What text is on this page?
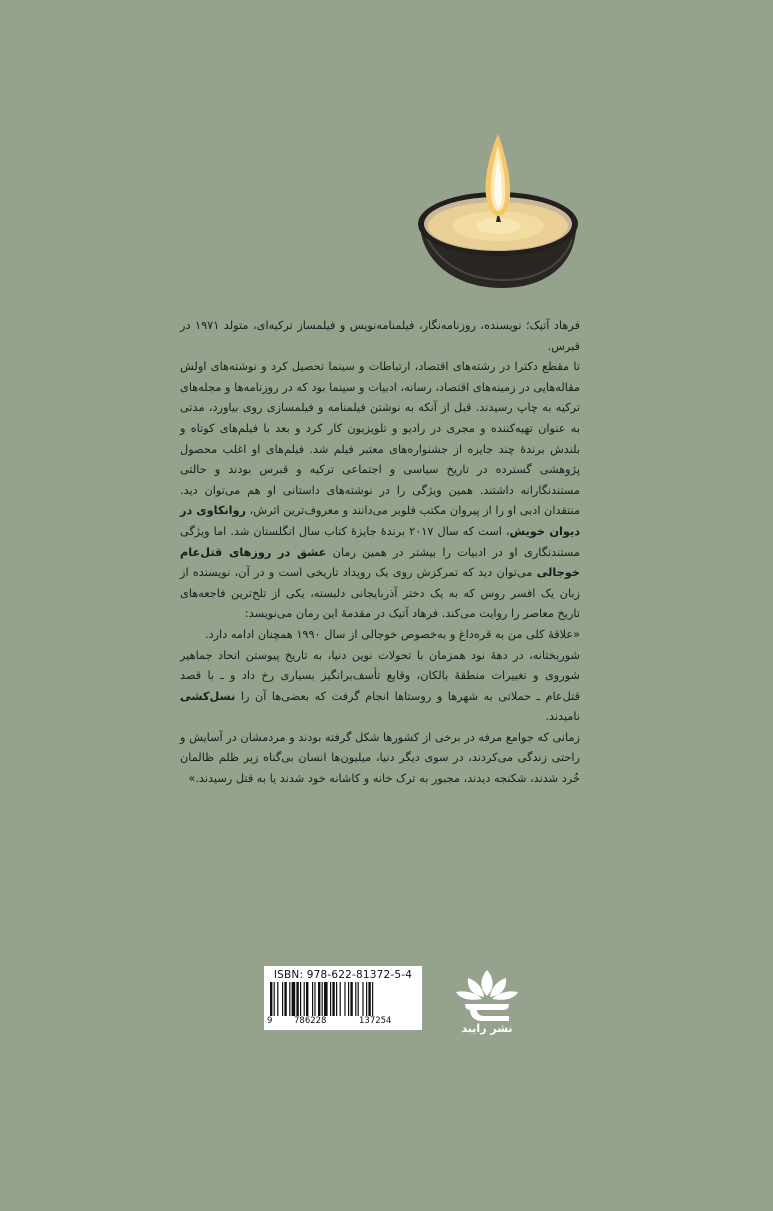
فرهاد آتیک؛ نویسنده، روزنامه‌نگار، فیلمنامه‌نویس و فیلمساز ترکیه‌ای، متولد ۱۹۷۱ در قبرس.

تا مقطع دکترا در رشته‌های اقتصاد، ارتباطات و سینما تحصیل کرد و نوشته‌های اولش مقاله‌هایی در زمینه‌های اقتصاد، رسانه، ادبیات و سینما بود که در روزنامه‌ها و مجله‌های ترکیه به چاپ رسیدند. قبل از آنکه به نوشتن فیلمنامه و فیلمسازی روی بیاورد، مدتی به عنوان تهیه‌کننده و مجری در رادیو و تلویزیون کار کرد و بعد با فیلم‌های کوتاه و بلندش برندهٔ چند جایزه از جشنواره‌های معتبر فیلم شد. فیلم‌های او اغلب محصول پژوهشی گسترده در تاریخ سیاسی و اجتماعی ترکیه و قبرس بودند و حالتی مستندنگارانه داشتند. همین ویژگی را در نوشته‌های داستانی او هم می‌توان دید. منتقدان ادبی او را از پیروان مکتب فلوبر می‌دانند و معروف‌ترین اثرش، روانکاوی در دیوان خویش، است که سال ۲۰۱۷ برندهٔ جایزهٔ کتاب سال انگلستان شد. اما ویژگی مستندنگاری او در ادبیات را بیشتر در همین رمان عشق در روزهای قتل‌عام خوجالی می‌توان دید که تمرکزش روی یک رویداد تاریخی است و در آن، نویسنده از زبان یک افسر روس که به یک دختر آذربایجانی دلبسته، یکی از تلخ‌ترین فاجعه‌های تاریخ معاصر را روایت می‌کند. فرهاد آتیک در مقدمهٔ این رمان می‌نویسد:

«علاقهٔ کلی من به قره‌داغ و به‌خصوص خوجالی از سال ۱۹۹۰ همچنان ادامه دارد.

شوربختانه، در دههٔ نود همزمان با تحولات نوین دنیا، به تاریخ پیوستن اتحاد جماهیر شوروی و تغییرات منطقهٔ بالکان، وقایع تأسف‌برانگیز بسیاری رخ داد و ـ با قصد قتل‌عام ـ حملاتی به شهرها و روستاها انجام گرفت که بعضی‌ها آن را نسل‌کشی نامیدند.

زمانی که جوامع مرفه در برخی از کشورها شکل گرفته بودند و مردمشان در آسایش و راحتی زندگی می‌کردند، در سوی دیگر دنیا، میلیون‌ها انسان بی‌گناه زیر ظلم ظالمان خُرد شدند، شکنجه دیدند، مجبور به ترک خانه و کاشانه خود شدند یا به قتل رسیدند.»

ISBN: 978-622-81372-5-4
9	786228	137254
نشر رایبد
